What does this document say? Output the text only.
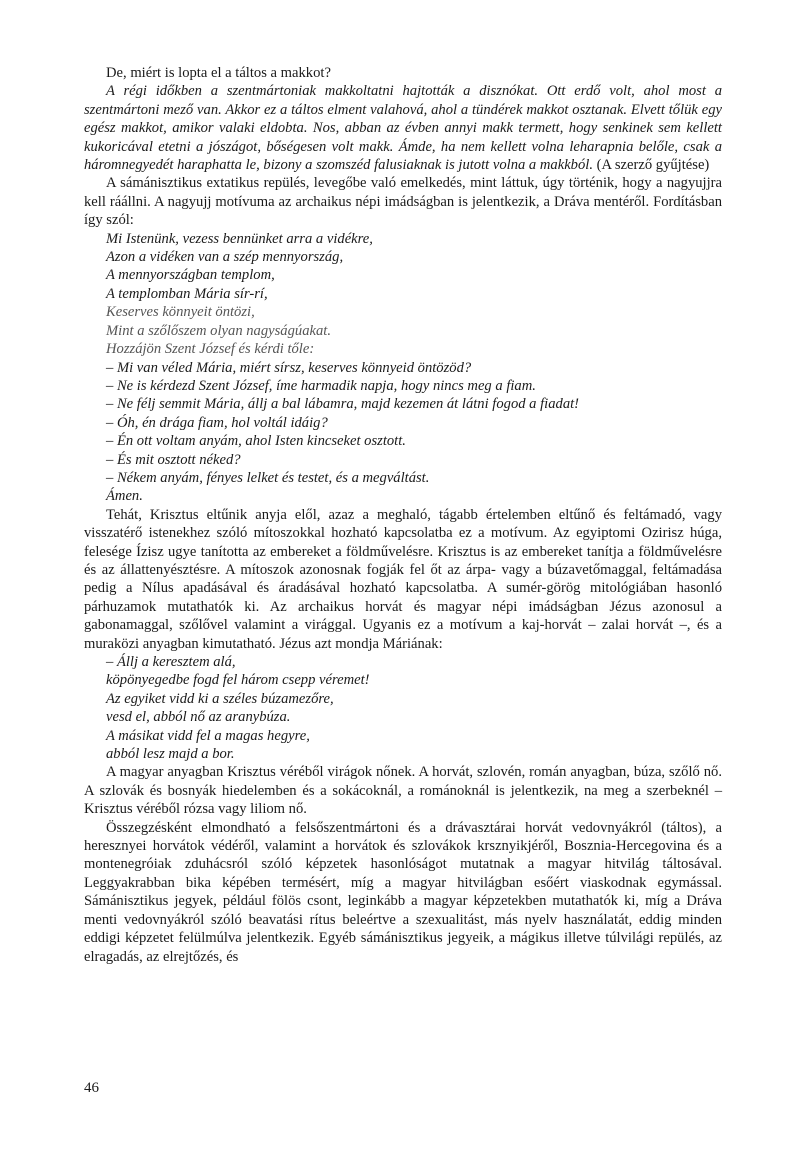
De, miért is lopta el a táltos a makkot?

A régi időkben a szentmártoniak makkoltatni hajtották a disznókat. Ott erdő volt, ahol most a szentmártoni mező van. Akkor ez a táltos elment valahová, ahol a tündérek makkot osztanak. Elvett tőlük egy egész makkot, amikor valaki eldobta. Nos, abban az évben annyi makk termett, hogy senkinek sem kellett kukoricával etetni a jószágot, bőségesen volt makk. Ámde, ha nem kellett volna leharapnia belőle, csak a háromnegyedét haraphatta le, bizony a szomszéd falusiaknak is jutott volna a makkból. (A szerző gyűjtése)

A sámánisztikus extatikus repülés, levegőbe való emelkedés, mint láttuk, úgy történik, hogy a nagyujjra kell ráállni. A nagyujj motívuma az archaikus népi imádságban is jelentkezik, a Dráva mentéről. Fordításban így szól:

Mi Istenünk, vezess bennünket arra a vidékre,
Azon a vidéken van a szép mennyország,
A mennyországban templom,
A templomban Mária sír-rí,
Keserves könnyeit öntözi,
Mint a szőlőszem olyan nagyságúakat.
Hozzájön Szent József és kérdi tőle:
– Mi van véled Mária, miért sírsz, keserves könnyeid öntözöd?
– Ne is kérdezd Szent József, íme harmadik napja, hogy nincs meg a fiam.
– Ne félj semmit Mária, állj a bal lábamra, majd kezemen át látni fogod a fiadat!
– Óh, én drága fiam, hol voltál idáig?
– Én ott voltam anyám, ahol Isten kincseket osztott.
– És mit osztott néked?
– Nékem anyám, fényes lelket és testet, és a megváltást.
Ámen.

Tehát, Krisztus eltűnik anyja elől, azaz a meghaló, tágabb értelemben eltűnő és feltámadó, vagy visszatérő istenekhez szóló mítoszokkal hozható kapcsolatba ez a motívum. Az egyiptomi Ozirisz húga, felesége Ízisz ugye tanította az embereket a földművelésre. Krisztus is az embereket tanítja a földművelésre és az állattenyésztésre. A mítoszok azonosnak fogják fel őt az árpa- vagy a búzavetőmaggal, feltámadása pedig a Nílus apadásával és áradásával hozható kapcsolatba. A sumér-görög mitológiában hasonló párhuzamok mutathatók ki. Az archaikus horvát és magyar népi imádságban Jézus azonosul a gabonamaggal, szőlővel valamint a virággal. Ugyanis ez a motívum a kaj-horvát – zalai horvát –, és a muraközi anyagban kimutatható. Jézus azt mondja Máriának:

– Állj a keresztem alá,
köpönyegedbe fogd fel három csepp véremet!
Az egyiket vidd ki a széles búzamezőre,
vesd el, abból nő az aranybúza.
A másikat vidd fel a magas hegyre,
abból lesz majd a bor.

A magyar anyagban Krisztus véréből virágok nőnek. A horvát, szlovén, román anyagban, búza, szőlő nő. A szlovák és bosnyák hiedelemben és a sokácoknál, a románoknál is jelentkezik, na meg a szerbeknél – Krisztus véréből rózsa vagy liliom nő.

Összegzésként elmondható a felsőszentmártoni és a drávasztárai horvát vedovnyákról (táltos), a heresznyei horvátok védéről, valamint a horvátok és szlovákok krsznyikjéről, Bosznia-Hercegovina és a montenegróiak zduhácsról szóló képzetek hasonlóságot mutatnak a magyar hitvilág táltosával. Leggyakrabban bika képében termésért, míg a magyar hitvilágban esőért viaskodnak egymással. Sámánisztikus jegyek, például fölös csont, leginkább a magyar képzetekben mutathatók ki, míg a Dráva menti vedovnyákról szóló beavatási rítus beleértve a szexualitást, más nyelv használatát, eddig minden eddigi képzetet felülmúlva jelentkezik. Egyéb sámánisztikus jegyeik, a mágikus illetve túlvilági repülés, az elragadás, az elrejtőzés, és

46
